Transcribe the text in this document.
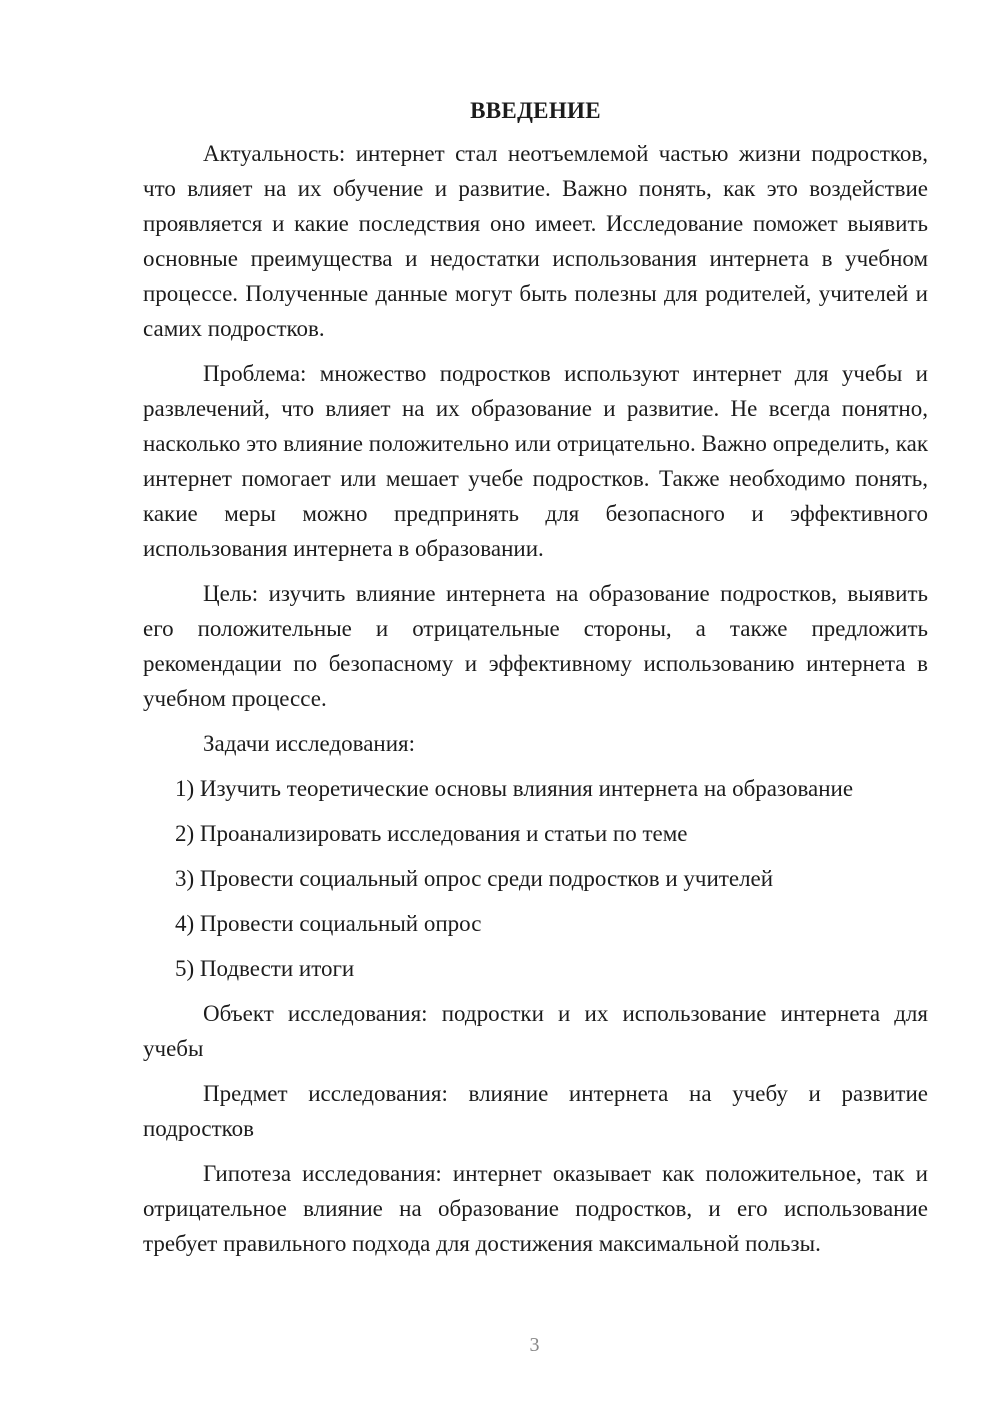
ВВЕДЕНИЕ

Актуальность: интернет стал неотъемлемой частью жизни подростков, что влияет на их обучение и развитие. Важно понять, как это воздействие проявляется и какие последствия оно имеет. Исследование поможет выявить основные преимущества и недостатки использования интернета в учебном процессе. Полученные данные могут быть полезны для родителей, учителей и самих подростков.

Проблема: множество подростков используют интернет для учебы и развлечений, что влияет на их образование и развитие. Не всегда понятно, насколько это влияние положительно или отрицательно. Важно определить, как интернет помогает или мешает учебе подростков. Также необходимо понять, какие меры можно предпринять для безопасного и эффективного использования интернета в образовании.

Цель: изучить влияние интернета на образование подростков, выявить его положительные и отрицательные стороны, а также предложить рекомендации по безопасному и эффективному использованию интернета в учебном процессе.

Задачи исследования:

1) Изучить теоретические основы влияния интернета на образование
2) Проанализировать исследования и статьи по теме
3) Провести социальный опрос среди подростков и учителей
4) Провести социальный опрос
5) Подвести итоги

Объект исследования: подростки и их использование интернета для учебы

Предмет исследования: влияние интернета на учебу и развитие подростков

Гипотеза исследования: интернет оказывает как положительное, так и отрицательное влияние на образование подростков, и его использование требует правильного подхода для достижения максимальной пользы.

3
